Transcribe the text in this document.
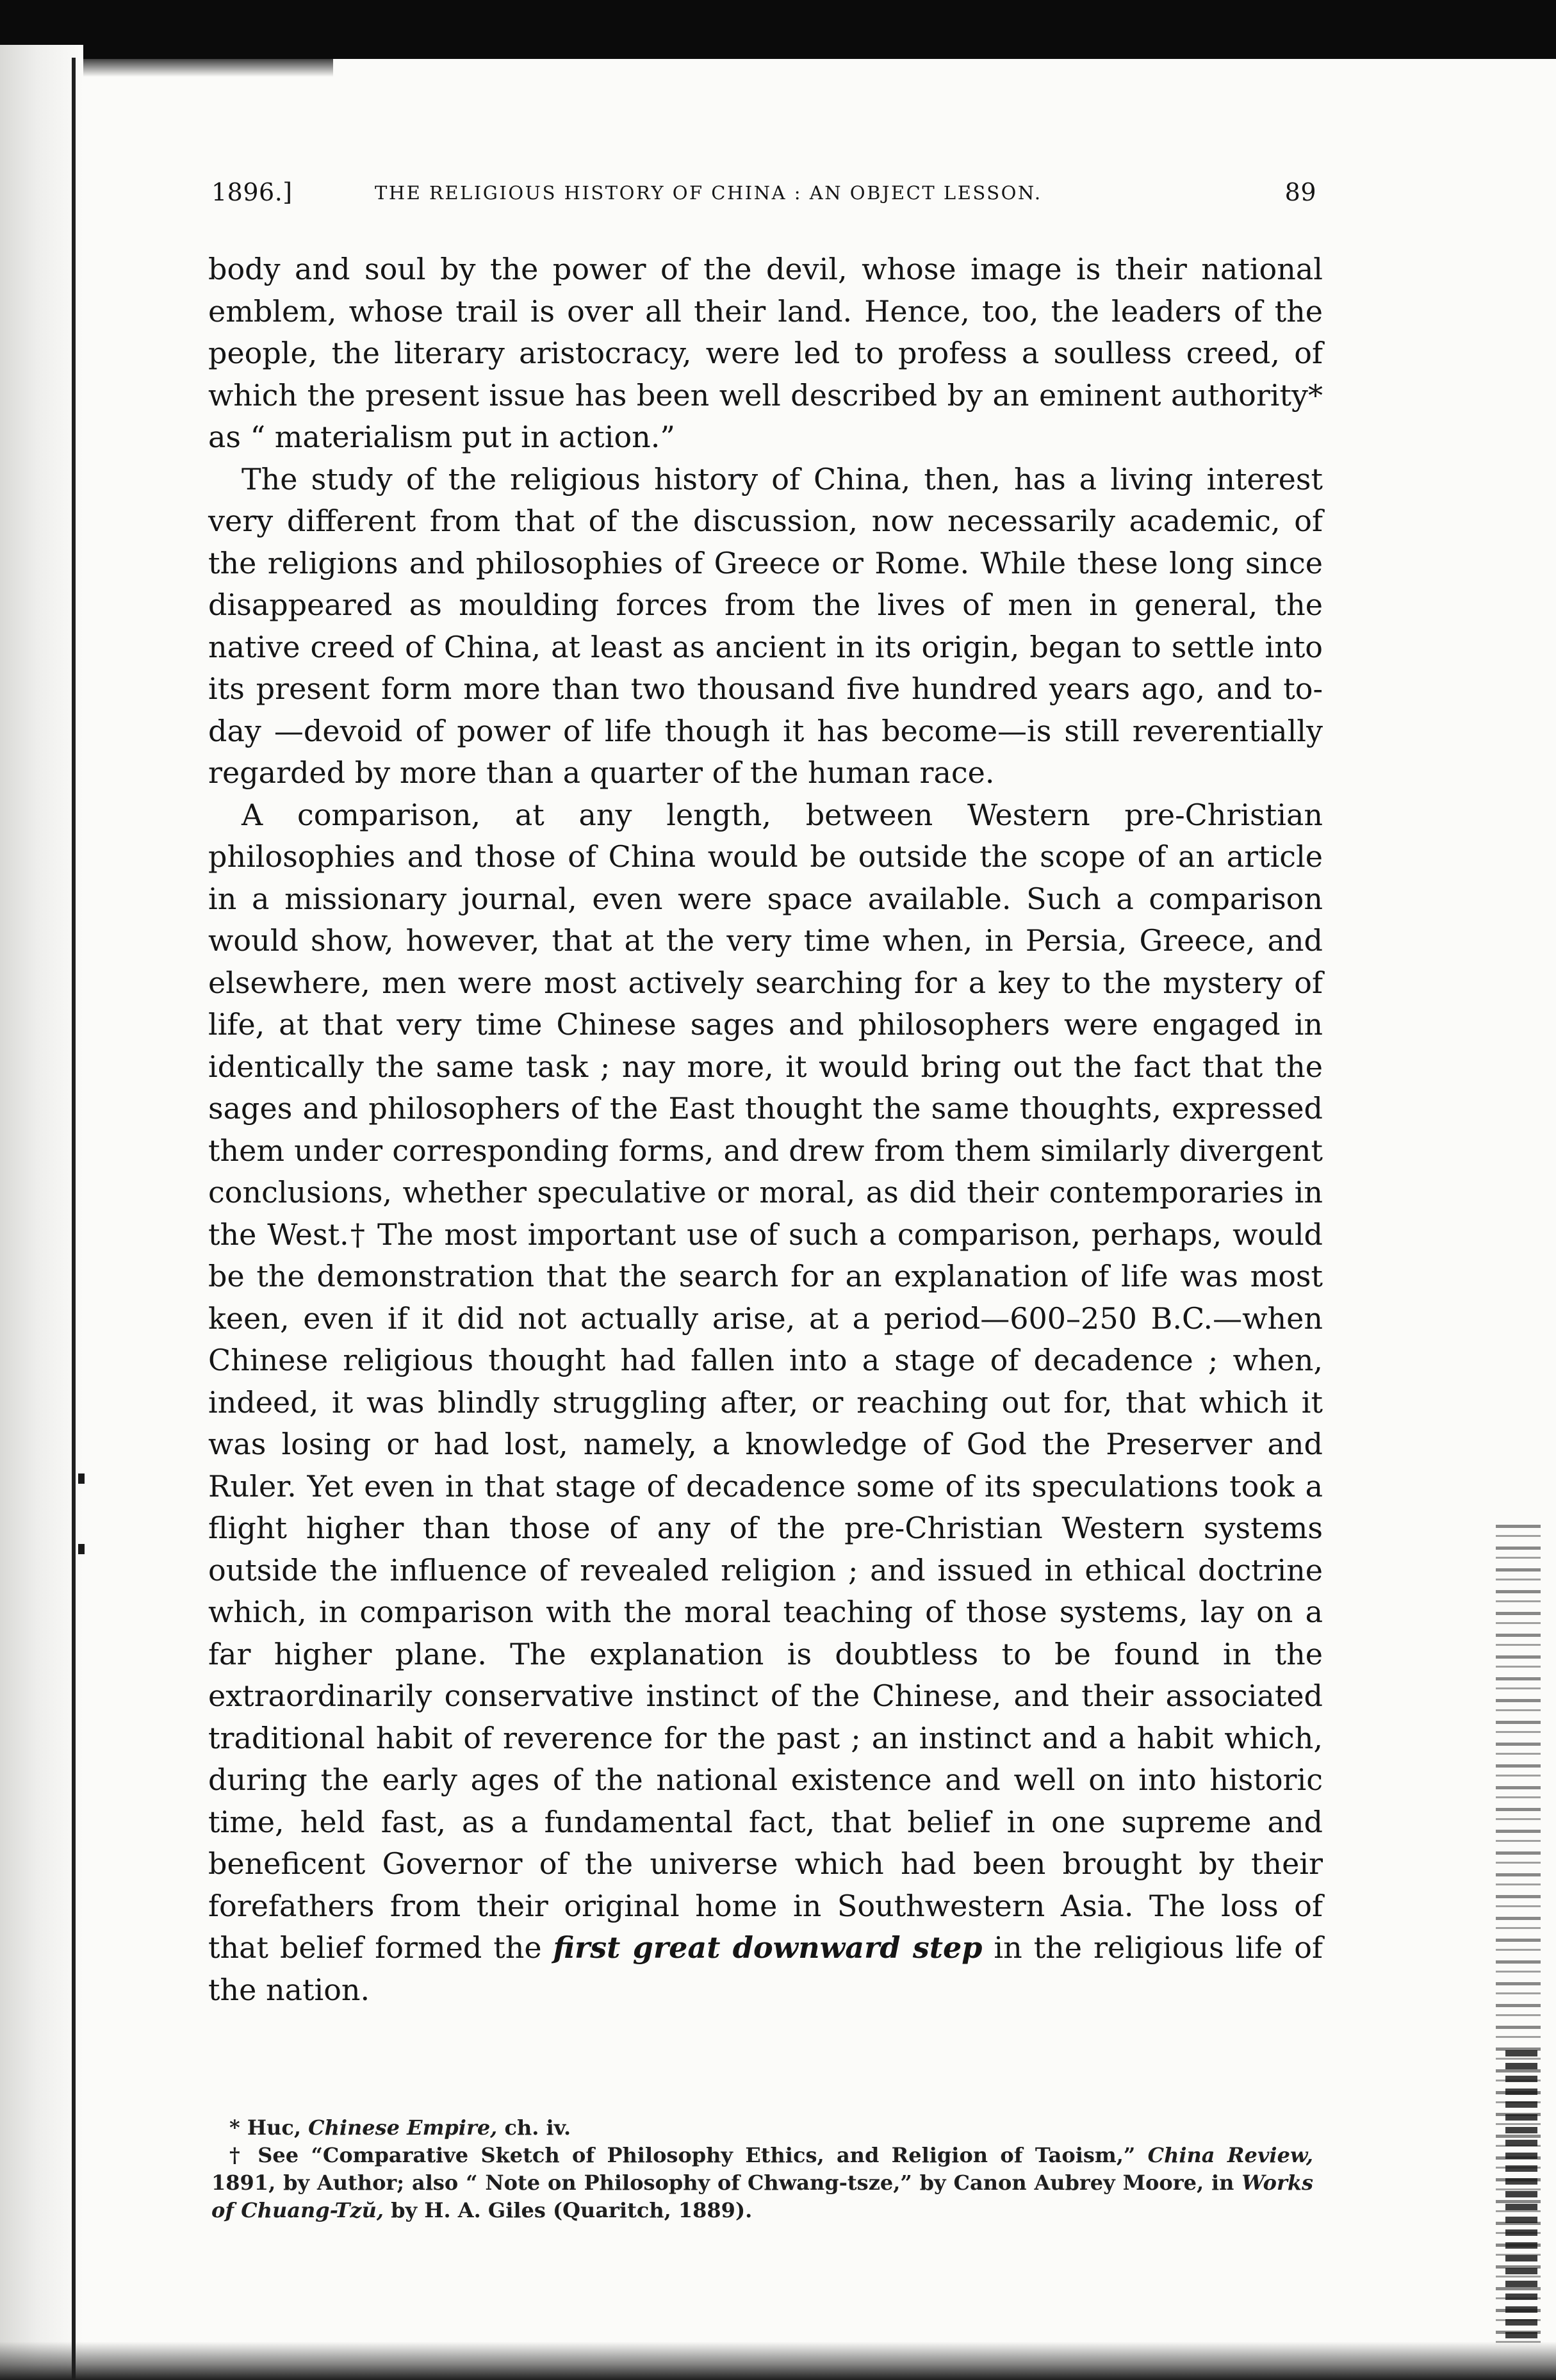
1896.]	THE RELIGIOUS HISTORY OF CHINA : AN OBJECT LESSON.	89

body and soul by the power of the devil, whose image is their national emblem, whose trail is over all their land. Hence, too, the leaders of the people, the literary aristocracy, were led to profess a soulless creed, of which the present issue has been well described by an eminent authority* as “ materialism put in action.”

The study of the religious history of China, then, has a living interest very different from that of the discussion, now necessarily academic, of the religions and philosophies of Greece or Rome. While these long since disappeared as moulding forces from the lives of men in general, the native creed of China, at least as ancient in its origin, began to settle into its present form more than two thousand five hundred years ago, and to-day —devoid of power of life though it has become—is still reverentially regarded by more than a quarter of the human race.

A comparison, at any length, between Western pre-Christian philosophies and those of China would be outside the scope of an article in a missionary journal, even were space available. Such a comparison would show, however, that at the very time when, in Persia, Greece, and elsewhere, men were most actively searching for a key to the mystery of life, at that very time Chinese sages and philosophers were engaged in identically the same task ; nay more, it would bring out the fact that the sages and philosophers of the East thought the same thoughts, expressed them under corresponding forms, and drew from them similarly divergent conclusions, whether speculative or moral, as did their contemporaries in the West.† The most important use of such a comparison, perhaps, would be the demonstration that the search for an explanation of life was most keen, even if it did not actually arise, at a period—600–250 B.C.—when Chinese religious thought had fallen into a stage of decadence ; when, indeed, it was blindly struggling after, or reaching out for, that which it was losing or had lost, namely, a knowledge of God the Preserver and Ruler. Yet even in that stage of decadence some of its speculations took a flight higher than those of any of the pre-Christian Western systems outside the influence of revealed religion ; and issued in ethical doctrine which, in comparison with the moral teaching of those systems, lay on a far higher plane. The explanation is doubtless to be found in the extraordinarily conservative instinct of the Chinese, and their associated traditional habit of reverence for the past ; an instinct and a habit which, during the early ages of the national existence and well on into historic time, held fast, as a fundamental fact, that belief in one supreme and beneficent Governor of the universe which had been brought by their forefathers from their original home in Southwestern Asia. The loss of that belief formed the first great downward step in the religious life of the nation.

* Huc, Chinese Empire, ch. iv.

† See “Comparative Sketch of Philosophy Ethics, and Religion of Taoism,” China Review, 1891, by Author; also “ Note on Philosophy of Chwang-tsze,” by Canon Aubrey Moore, in Works of Chuang-Tzŭ, by H. A. Giles (Quaritch, 1889).
